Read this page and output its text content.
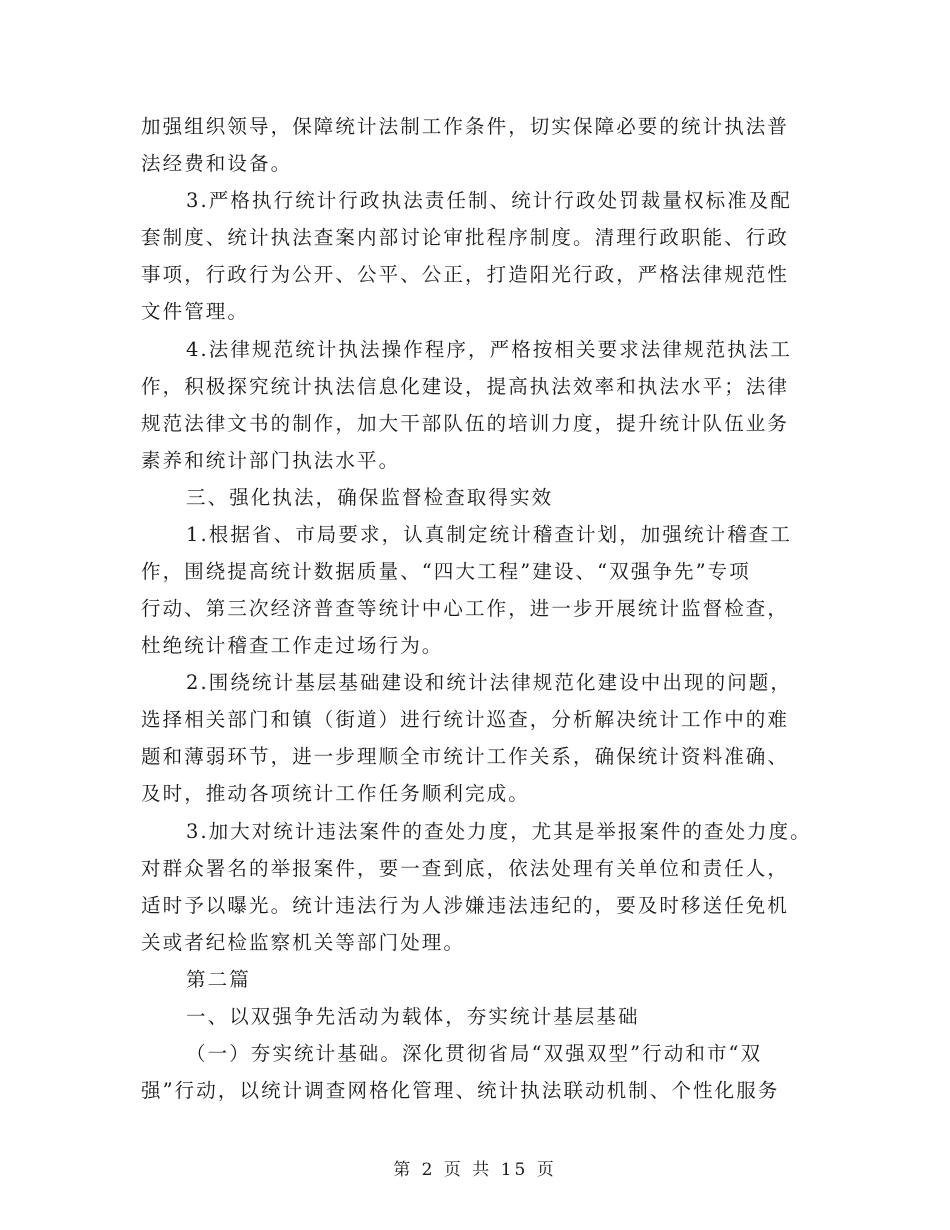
加强组织领导，保障统计法制工作条件，切实保障必要的统计执法普
法经费和设备。
3.严格执行统计行政执法责任制、统计行政处罚裁量权标准及配
套制度、统计执法查案内部讨论审批程序制度。清理行政职能、行政
事项，行政行为公开、公平、公正，打造阳光行政，严格法律规范性
文件管理。
4.法律规范统计执法操作程序，严格按相关要求法律规范执法工
作，积极探究统计执法信息化建设，提高执法效率和执法水平；法律
规范法律文书的制作，加大干部队伍的培训力度，提升统计队伍业务
素养和统计部门执法水平。
三、强化执法，确保监督检查取得实效
1.根据省、市局要求，认真制定统计稽查计划，加强统计稽查工
作，围绕提高统计数据质量、“四大工程”建设、“双强争先”专项
行动、第三次经济普查等统计中心工作，进一步开展统计监督检查，
杜绝统计稽查工作走过场行为。
2.围绕统计基层基础建设和统计法律规范化建设中出现的问题，
选择相关部门和镇（街道）进行统计巡查，分析解决统计工作中的难
题和薄弱环节，进一步理顺全市统计工作关系，确保统计资料准确、
及时，推动各项统计工作任务顺利完成。
3.加大对统计违法案件的查处力度，尤其是举报案件的查处力度。
对群众署名的举报案件，要一查到底，依法处理有关单位和责任人，
适时予以曝光。统计违法行为人涉嫌违法违纪的，要及时移送任免机
关或者纪检监察机关等部门处理。
第二篇
一、以双强争先活动为载体，夯实统计基层基础
（一）夯实统计基础。深化贯彻省局“双强双型”行动和市“双
强”行动，以统计调查网格化管理、统计执法联动机制、个性化服务
第 2 页 共 15 页
